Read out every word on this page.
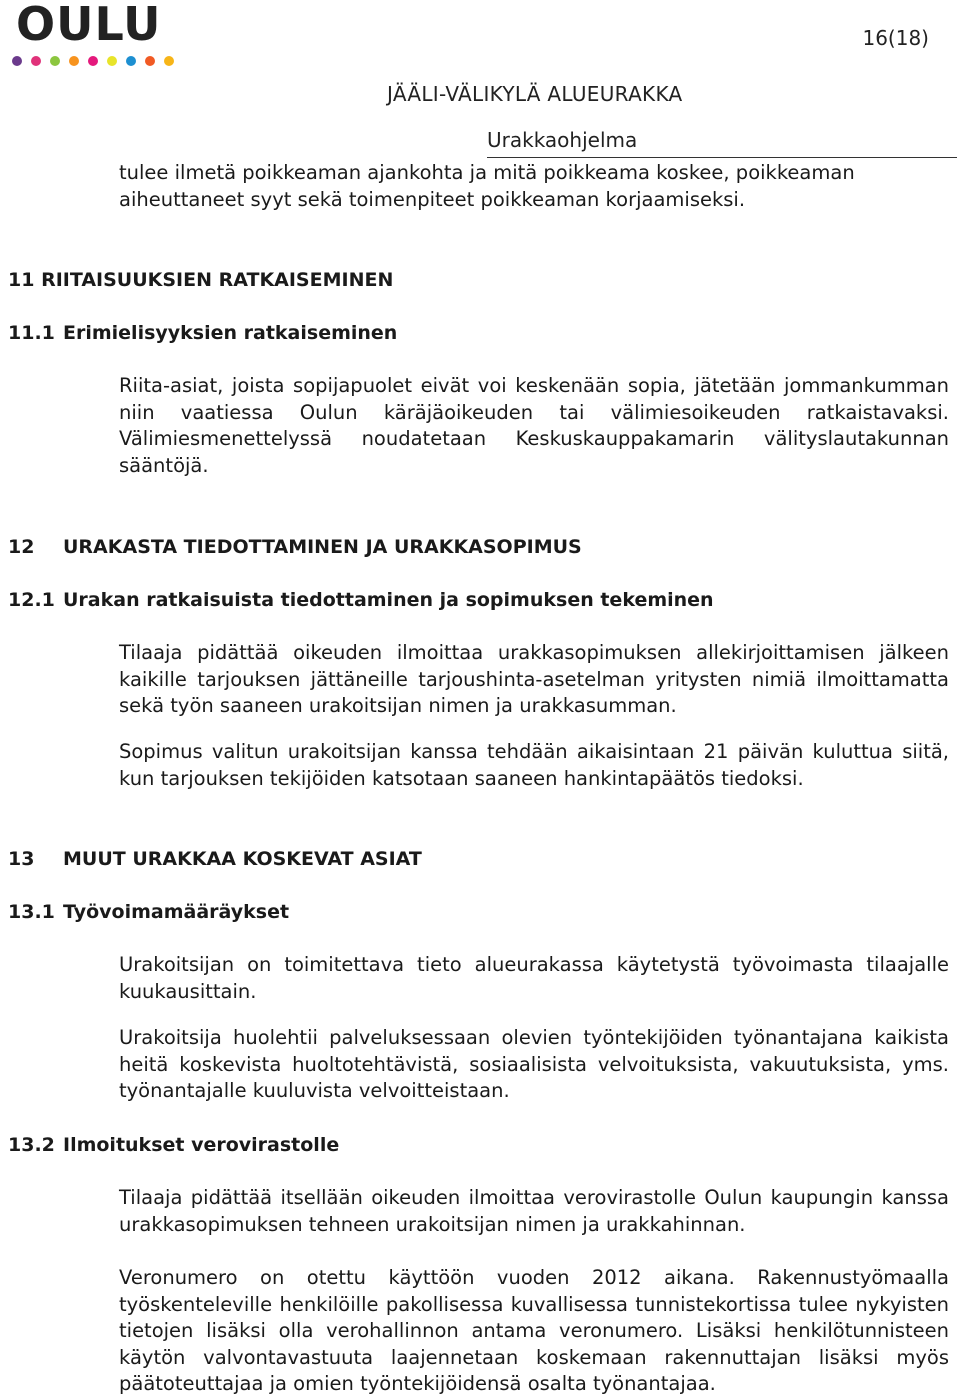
OULU	16(18)
JÄÄLI-VÄLIKYLÄ ALUEURAKKA
Urakkaohjelma
tulee ilmetä poikkeaman ajankohta ja mitä poikkeama koskee, poikkeaman aiheuttaneet syyt sekä toimenpiteet poikkeaman korjaamiseksi.
11 RIITAISUUKSIEN RATKAISEMINEN
11.1 Erimielisyyksien ratkaiseminen
Riita-asiat, joista sopijapuolet eivät voi keskenään sopia, jätetään jommankumman niin vaatiessa Oulun käräjäoikeuden tai välimiesoikeuden ratkaistavaksi. Välimiesmenettelyssä noudatetaan Keskuskauppakamarin välityslautakunnan sääntöjä.
12 URAKASTA TIEDOTTAMINEN JA URAKKASOPIMUS
12.1 Urakan ratkaisuista tiedottaminen ja sopimuksen tekeminen
Tilaaja pidättää oikeuden ilmoittaa urakkasopimuksen allekirjoittamisen jälkeen kaikille tarjouksen jättäneille tarjoushinta-asetelman yritysten nimiä ilmoittamatta sekä työn saaneen urakoitsijan nimen ja urakkasumman.
Sopimus valitun urakoitsijan kanssa tehdään aikaisintaan 21 päivän kuluttua siitä, kun tarjouksen tekijöiden katsotaan saaneen hankintapäätös tiedoksi.
13 MUUT URAKKAA KOSKEVAT ASIAT
13.1 Työvoimamääräykset
Urakoitsijan on toimitettava tieto alueurakassa käytetystä työvoimasta tilaajalle kuukausittain.
Urakoitsija huolehtii palveluksessaan olevien työntekijöiden työnantajana kaikista heitä koskevista huoltotehtävistä, sosiaalisista velvoituksista, vakuutuksista, yms. työnantajalle kuuluvista velvoitteistaan.
13.2 Ilmoitukset verovirastolle
Tilaaja pidättää itsellään oikeuden ilmoittaa verovirastolle Oulun kaupungin kanssa urakkasopimuksen tehneen urakoitsijan nimen ja urakkahinnan.
Veronumero on otettu käyttöön vuoden 2012 aikana. Rakennustyömaalla työskenteleville henkilöille pakollisessa kuvallisessa tunnistekortissa tulee nykyisten tietojen lisäksi olla verohallinnon antama veronumero. Lisäksi henkilötunnisteen käytön valvontavastuuta laajennetaan koskemaan rakennuttajan lisäksi myös päätoteuttajaa ja omien työntekijöidensä osalta työnantajaa.
